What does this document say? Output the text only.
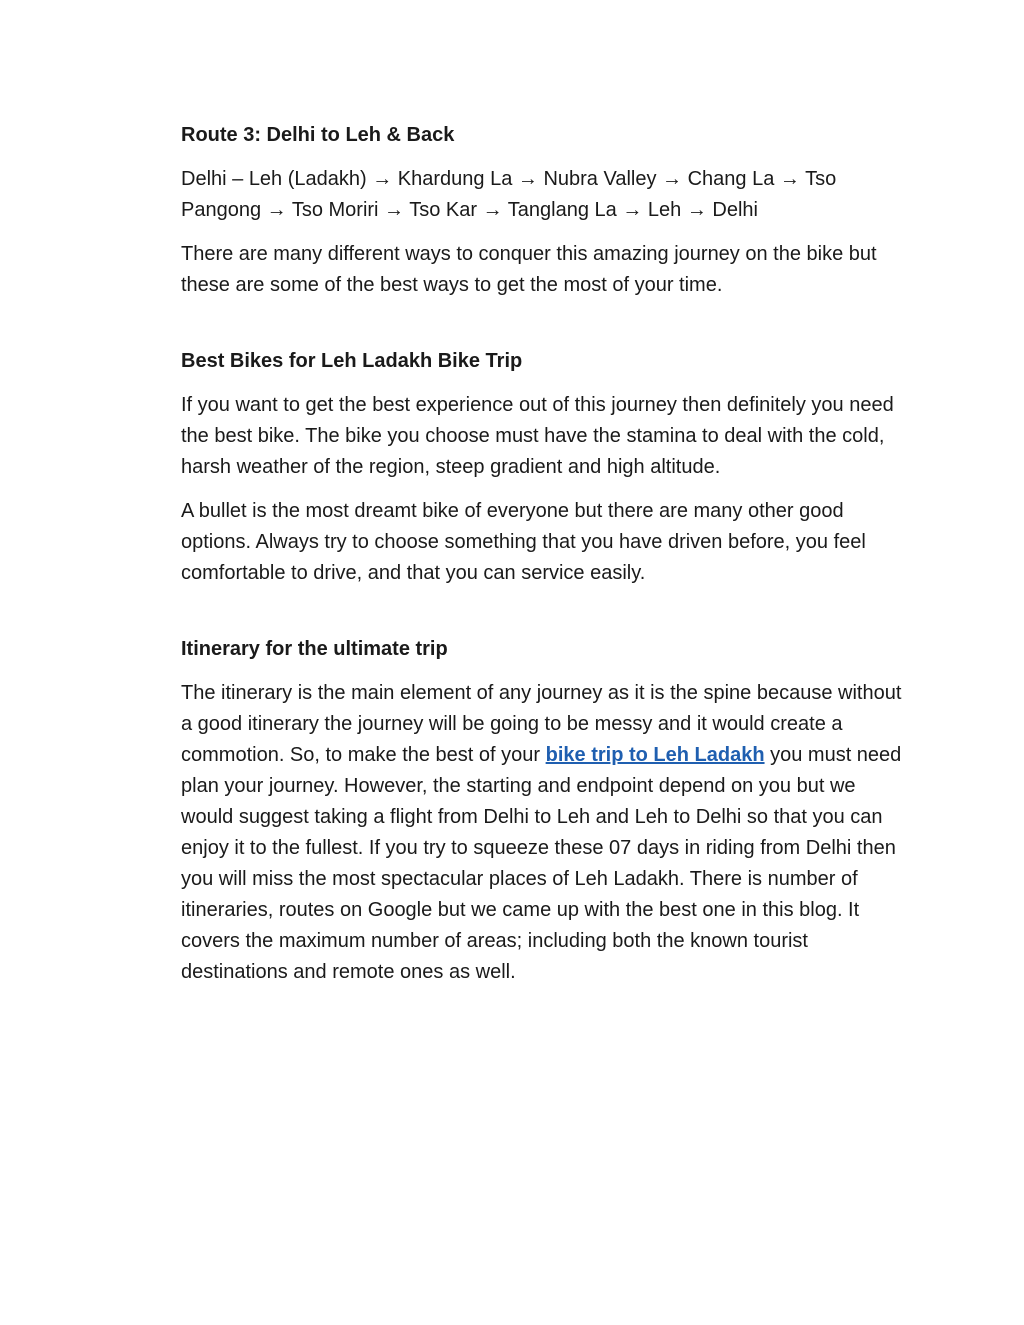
Route 3: Delhi to Leh & Back

Delhi – Leh (Ladakh) → Khardung La → Nubra Valley → Chang La → Tso Pangong → Tso Moriri → Tso Kar → Tanglang La → Leh → Delhi

There are many different ways to conquer this amazing journey on the bike but these are some of the best ways to get the most of your time.

Best Bikes for Leh Ladakh Bike Trip

If you want to get the best experience out of this journey then definitely you need the best bike. The bike you choose must have the stamina to deal with the cold, harsh weather of the region, steep gradient and high altitude.

A bullet is the most dreamt bike of everyone but there are many other good options. Always try to choose something that you have driven before, you feel comfortable to drive, and that you can service easily.

Itinerary for the ultimate trip

The itinerary is the main element of any journey as it is the spine because without a good itinerary the journey will be going to be messy and it would create a commotion. So, to make the best of your bike trip to Leh Ladakh you must need plan your journey. However, the starting and endpoint depend on you but we would suggest taking a flight from Delhi to Leh and Leh to Delhi so that you can enjoy it to the fullest. If you try to squeeze these 07 days in riding from Delhi then you will miss the most spectacular places of Leh Ladakh. There is number of itineraries, routes on Google but we came up with the best one in this blog. It covers the maximum number of areas; including both the known tourist destinations and remote ones as well.
